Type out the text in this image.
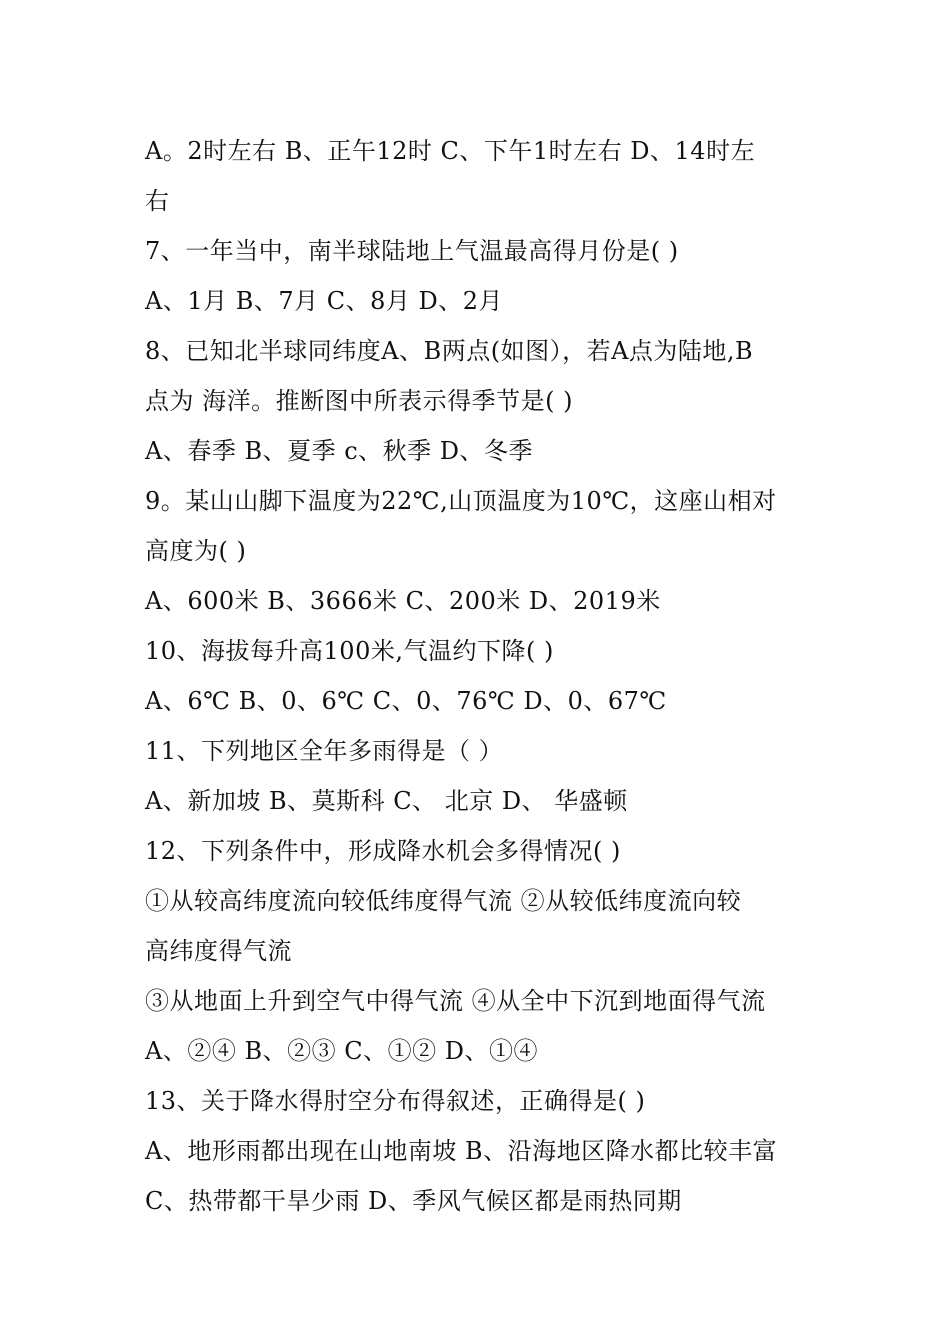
A。2时左右 B、正午12时 C、下午1时左右 D、14时左
右
7、一年当中，南半球陆地上气温最高得月份是( )
A、1月 B、7月 C、8月 D、2月
8、已知北半球同纬度A、B两点(如图），若A点为陆地,B
点为 海洋。推断图中所表示得季节是( )
A、春季 B、夏季 c、秋季 D、冬季
9。某山山脚下温度为22℃,山顶温度为10℃，这座山相对
高度为( )
A、600米 B、3666米 C、200米 D、2019米
10、海拔每升高100米,气温约下降( )
A、6℃ B、0、6℃ C、0、76℃ D、0、67℃
11、下列地区全年多雨得是（ ）
A、新加坡 B、莫斯科 C、 北京 D、 华盛顿
12、下列条件中，形成降水机会多得情况( )
①从较高纬度流向较低纬度得气流 ②从较低纬度流向较
高纬度得气流
③从地面上升到空气中得气流 ④从全中下沉到地面得气流
A、②④ B、②③ C、①② D、①④
13、关于降水得肘空分布得叙述，正确得是( )
A、地形雨都出现在山地南坡 B、沿海地区降水都比较丰富
C、热带都干旱少雨 D、季风气候区都是雨热同期
